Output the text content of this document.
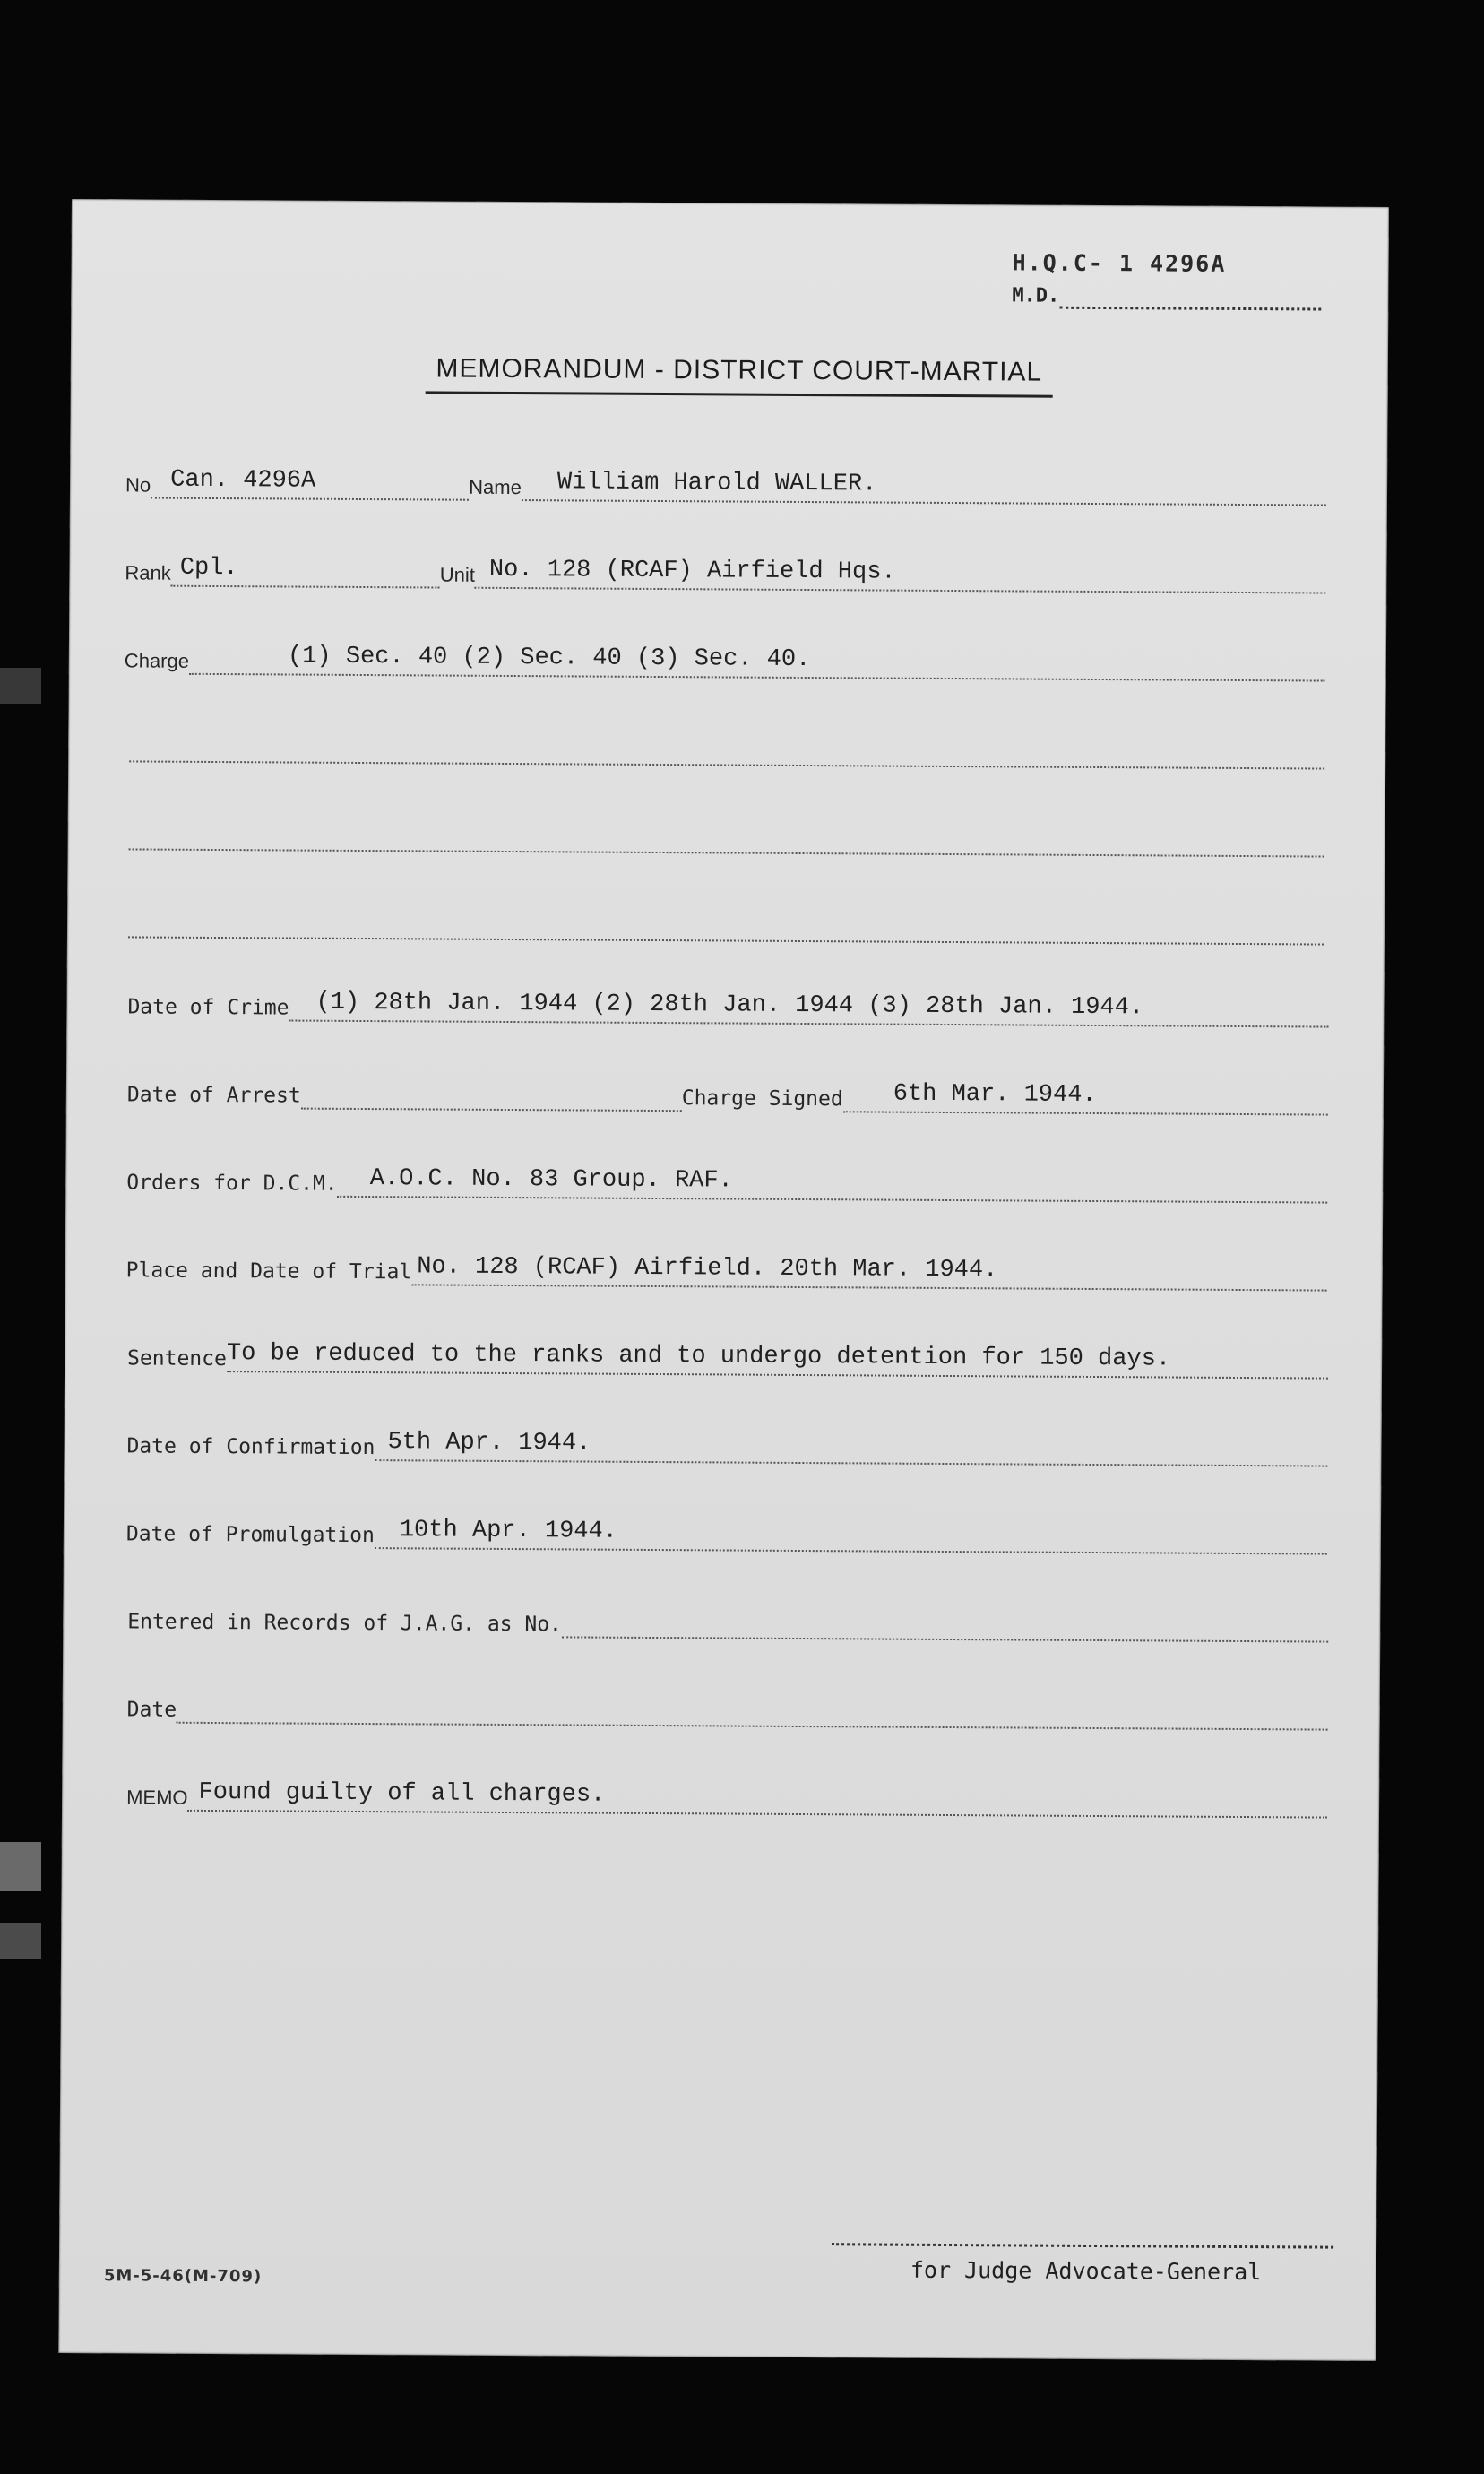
H.Q.C- 1 4296A
M.D.
MEMORANDUM - DISTRICT COURT-MARTIAL
No Can. 4296A	Name	William Harold WALLER.
Rank Cpl.	Unit No. 128 (RCAF) Airfield Hqs.
Charge	(1) Sec. 40 (2) Sec. 40 (3) Sec. 40.
Date of Crime	(1) 28th Jan. 1944 (2) 28th Jan. 1944 (3) 28th Jan. 1944.
Date of Arrest	Charge Signed	6th Mar. 1944.
Orders for D.C.M.	A.O.C. No. 83 Group. RAF.
Place and Date of Trial No. 128 (RCAF) Airfield. 20th Mar. 1944.
Sentence To be reduced to the ranks and to undergo detention for 150 days.
Date of Confirmation 5th Apr. 1944.
Date of Promulgation	10th Apr. 1944.
Entered in Records of J.A.G. as No.
Date
MEMO Found guilty of all charges.
for Judge Advocate-General
5M-5-46(M-709)
